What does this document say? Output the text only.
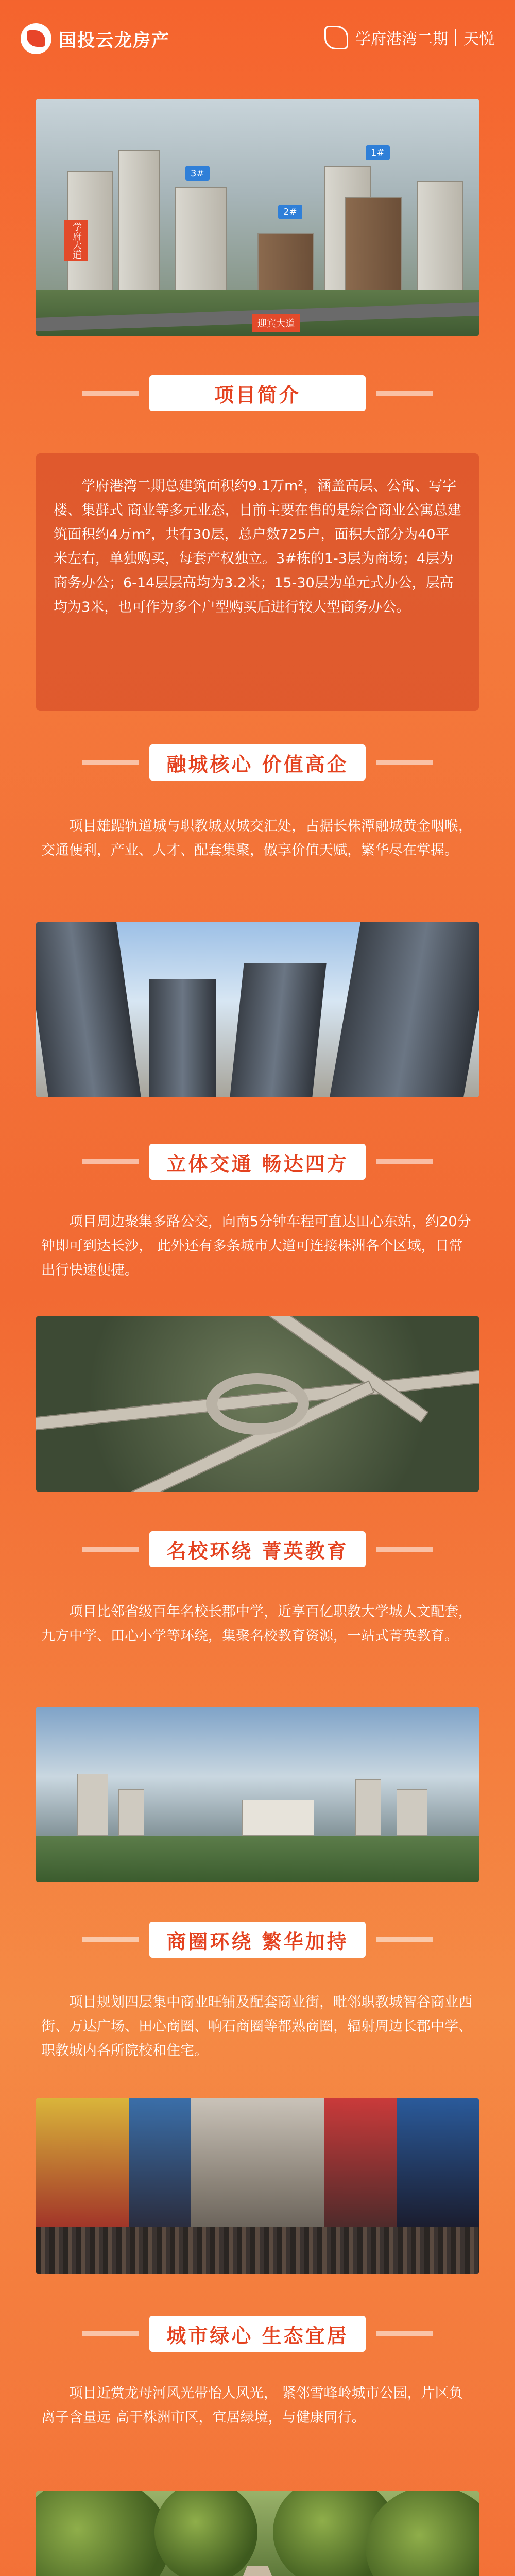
国投云龙房产	学府港湾二期 天悦
3#
1#
2#
学府大道
迎宾大道
项目简介

学府港湾二期总建筑面积约9.1万m²，涵盖高层、公寓、写字楼、集群式 商业等多元业态，目前主要在售的是综合商业公寓总建筑面积约4万m²，共有30层，总户数725户，面积大部分为40平米左右，单独购买，每套产权独立。3#栋的1-3层为商场；4层为商务办公；6-14层层高均为3.2米；15-30层为单元式办公，层高均为3米，也可作为多个户型购买后进行较大型商务办公。

融城核心 价值高企

项目雄踞轨道城与职教城双城交汇处，占据长株潭融城黄金咽喉，交通便利，产业、人才、配套集聚，傲享价值天赋，繁华尽在掌握。

立体交通 畅达四方

项目周边聚集多路公交，向南5分钟车程可直达田心东站，约20分钟即可到达长沙， 此外还有多条城市大道可连接株洲各个区域，日常出行快速便捷。

名校环绕 菁英教育

项目比邻省级百年名校长郡中学，近享百亿职教大学城人文配套，九方中学、田心小学等环绕，集聚名校教育资源，一站式菁英教育。

商圈环绕 繁华加持

项目规划四层集中商业旺铺及配套商业街，毗邻职教城智谷商业西街、万达广场、田心商圈、响石商圈等都熟商圈，辐射周边长郡中学、职教城内各所院校和住宅。

城市绿心 生态宜居

项目近赏龙母河风光带怡人风光， 紧邻雪峰岭城市公园，片区负离子含量远 高于株洲市区，宜居绿境，与健康同行。
